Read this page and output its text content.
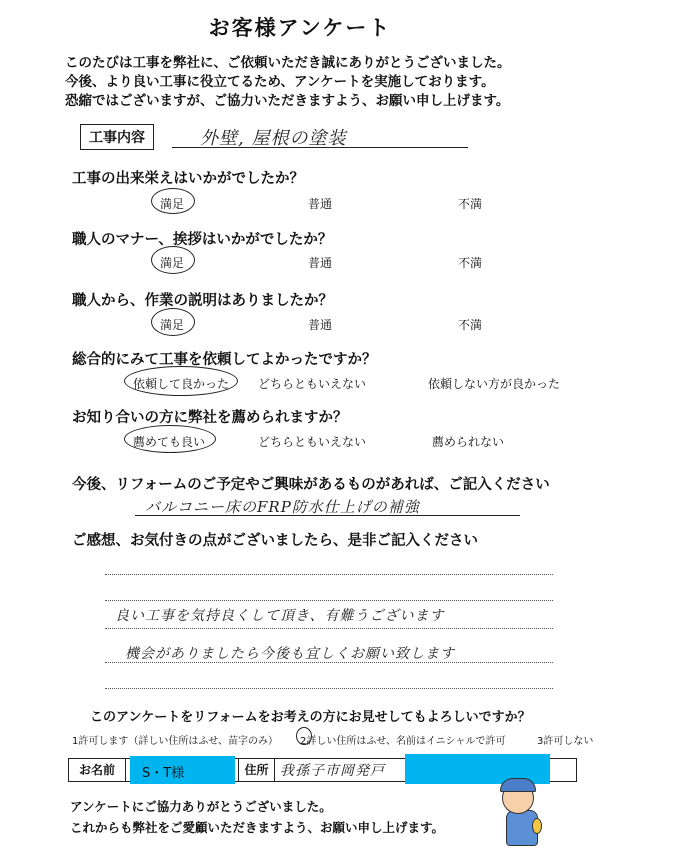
お客様アンケート
このたびは工事を弊社に、ご依頼いただき誠にありがとうございました。
今後、より良い工事に役立てるため、アンケートを実施しております。
恐縮ではございますが、ご協力いただきますよう、お願い申し上げます。
工事内容	外壁, 屋根の塗装
工事の出来栄えはいかがでしたか？
満足	普通	不満
職人のマナー、挨拶はいかがでしたか？
満足	普通	不満
職人から、作業の説明はありましたか？
満足	普通	不満
総合的にみて工事を依頼してよかったですか？
依頼して良かった どちらともいえない	依頼しない方が良かった
お知り合いの方に弊社を薦められますか？
薦めても良い	どちらともいえない	薦められない
今後、リフォームのご予定やご興味があるものがあれば、ご記入ください
バルコニー床のFRP防水仕上げの補強
ご感想、お気付きの点がございましたら、是非ご記入ください
良い工事を気持良くして頂き、有難うございます
機会がありましたら今後も宜しくお願い致します
このアンケートをリフォームをお考えの方にお見せしてもよろしいですか？
1許可します（詳しい住所はふせ、苗字のみ） 2詳しい住所はふせ、名前はイニシャルで許可	3許可しない
お名前	S・T様	住所 我孫子市岡発戸
アンケートにご協力ありがとうございました。
これからも弊社をご愛顧いただきますよう、お願い申し上げます。
